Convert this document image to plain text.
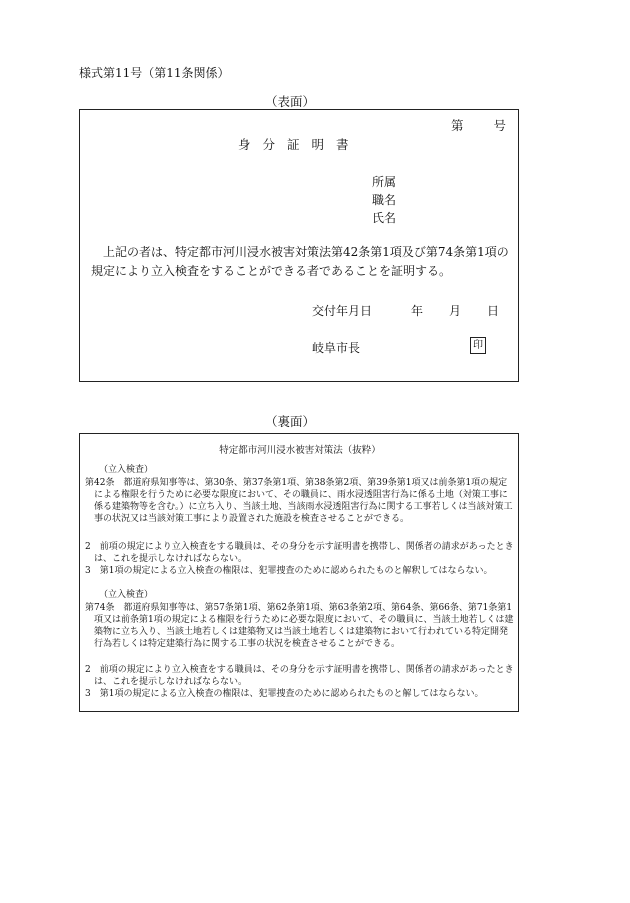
様式第11号（第11条関係）
（表面）
第 号
身分証明書
所属
職名
氏名
上記の者は、特定都市河川浸水被害対策法第42条第1項及び第74条第1項の規定により立入検査をすることができる者であることを証明する。
交付年月日	年 月 日
岐阜市長	印
（裏面）
特定都市河川浸水被害対策法（抜粋）
（立入検査）
第42条　都道府県知事等は、第30条、第37条第1項、第38条第2項、第39条第1項又は前条第1項の規定による権限を行うために必要な限度において、その職員に、雨水浸透阻害行為に係る土地（対策工事に係る建築物等を含む。）に立ち入り、当該土地、当該雨水浸透阻害行為に関する工事若しくは当該対策工事の状況又は当該対策工事により設置された施設を検査させることができる。
2　前項の規定により立入検査をする職員は、その身分を示す証明書を携帯し、関係者の請求があったときは、これを提示しなければならない。
3　第1項の規定による立入検査の権限は、犯罪捜査のために認められたものと解釈してはならない。
（立入検査）
第74条　都道府県知事等は、第57条第1項、第62条第1項、第63条第2項、第64条、第66条、第71条第1項又は前条第1項の規定による権限を行うために必要な限度において、その職員に、当該土地若しくは建築物に立ち入り、当該土地若しくは建築物又は当該土地若しくは建築物において行われている特定開発行為若しくは特定建築行為に関する工事の状況を検査させることができる。
2　前項の規定により立入検査をする職員は、その身分を示す証明書を携帯し、関係者の請求があったときは、これを提示しなければならない。
3　第1項の規定による立入検査の権限は、犯罪捜査のために認められたものと解してはならない。
